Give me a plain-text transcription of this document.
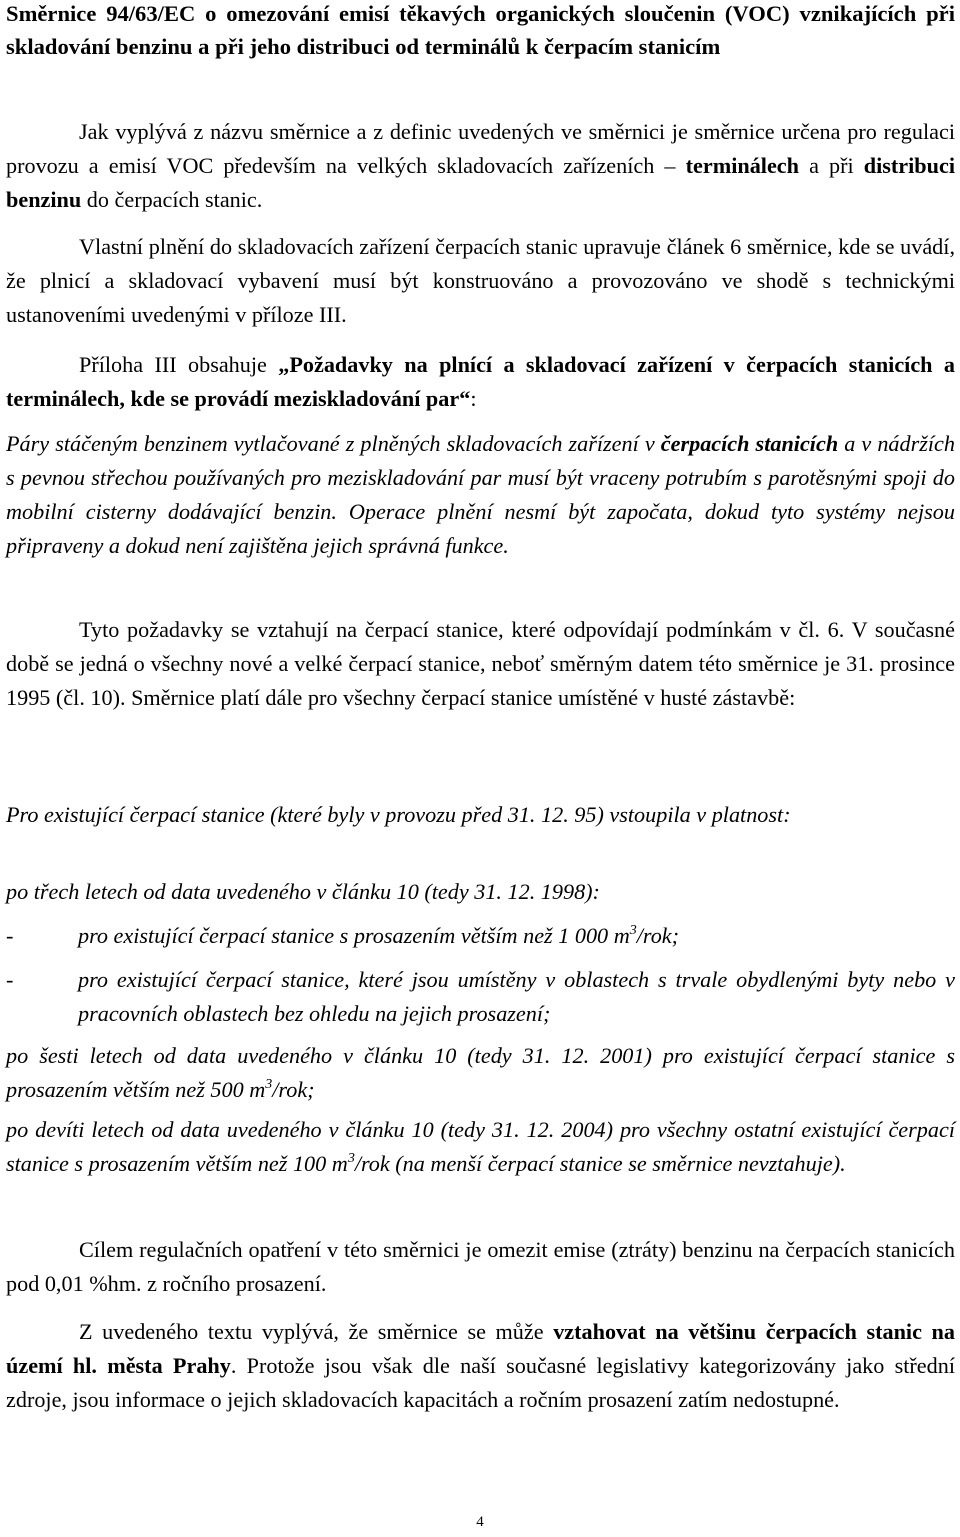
Směrnice 94/63/EC o omezování emisí těkavých organických sloučenin (VOC) vznikajících při skladování benzinu a při jeho distribuci od terminálů k čerpacím stanicím

Jak vyplývá z názvu směrnice a z definic uvedených ve směrnici je směrnice určena pro regulaci provozu a emisí VOC především na velkých skladovacích zařízeních – terminálech a při distribuci benzinu do čerpacích stanic.

Vlastní plnění do skladovacích zařízení čerpacích stanic upravuje článek 6 směrnice, kde se uvádí, že plnicí a skladovací vybavení musí být konstruováno a provozováno ve shodě s technickými ustanoveními uvedenými v příloze III.

Příloha III obsahuje „Požadavky na plnící a skladovací zařízení v čerpacích stanicích a terminálech, kde se provádí meziskladování par“:

Páry stáčeným benzinem vytlačované z plněných skladovacích zařízení v čerpacích stanicích a v nádržích s pevnou střechou používaných pro meziskladování par musí být vraceny potrubím s parotěsnými spoji do mobilní cisterny dodávající benzin. Operace plnění nesmí být započata, dokud tyto systémy nejsou připraveny a dokud není zajištěna jejich správná funkce.

Tyto požadavky se vztahují na čerpací stanice, které odpovídají podmínkám v čl. 6. V současné době se jedná o všechny nové a velké čerpací stanice, neboť směrným datem této směrnice je 31. prosince 1995 (čl. 10). Směrnice platí dále pro všechny čerpací stanice umístěné v husté zástavbě:

Pro existující čerpací stanice (které byly v provozu před 31. 12. 95) vstoupila v platnost:

po třech letech od data uvedeného v článku 10 (tedy 31. 12. 1998):

-	pro existující čerpací stanice s prosazením větším než 1 000 $m^3$/rok;

-	pro existující čerpací stanice, které jsou umístěny v oblastech s trvale obydlenými byty nebo v pracovních oblastech bez ohledu na jejich prosazení;

po šesti letech od data uvedeného v článku 10 (tedy 31. 12. 2001) pro existující čerpací stanice s prosazením větším než 500 $m^3$/rok;

po devíti letech od data uvedeného v článku 10 (tedy 31. 12. 2004) pro všechny ostatní existující čerpací stanice s prosazením větším než 100 $m^3$/rok (na menší čerpací stanice se směrnice nevztahuje).

Cílem regulačních opatření v této směrnici je omezit emise (ztráty) benzinu na čerpacích stanicích pod 0,01 %hm. z ročního prosazení.

Z uvedeného textu vyplývá, že směrnice se může vztahovat na většinu čerpacích stanic na území hl. města Prahy. Protože jsou však dle naší současné legislativy kategorizovány jako střední zdroje, jsou informace o jejich skladovacích kapacitách a ročním prosazení zatím nedostupné.

4
